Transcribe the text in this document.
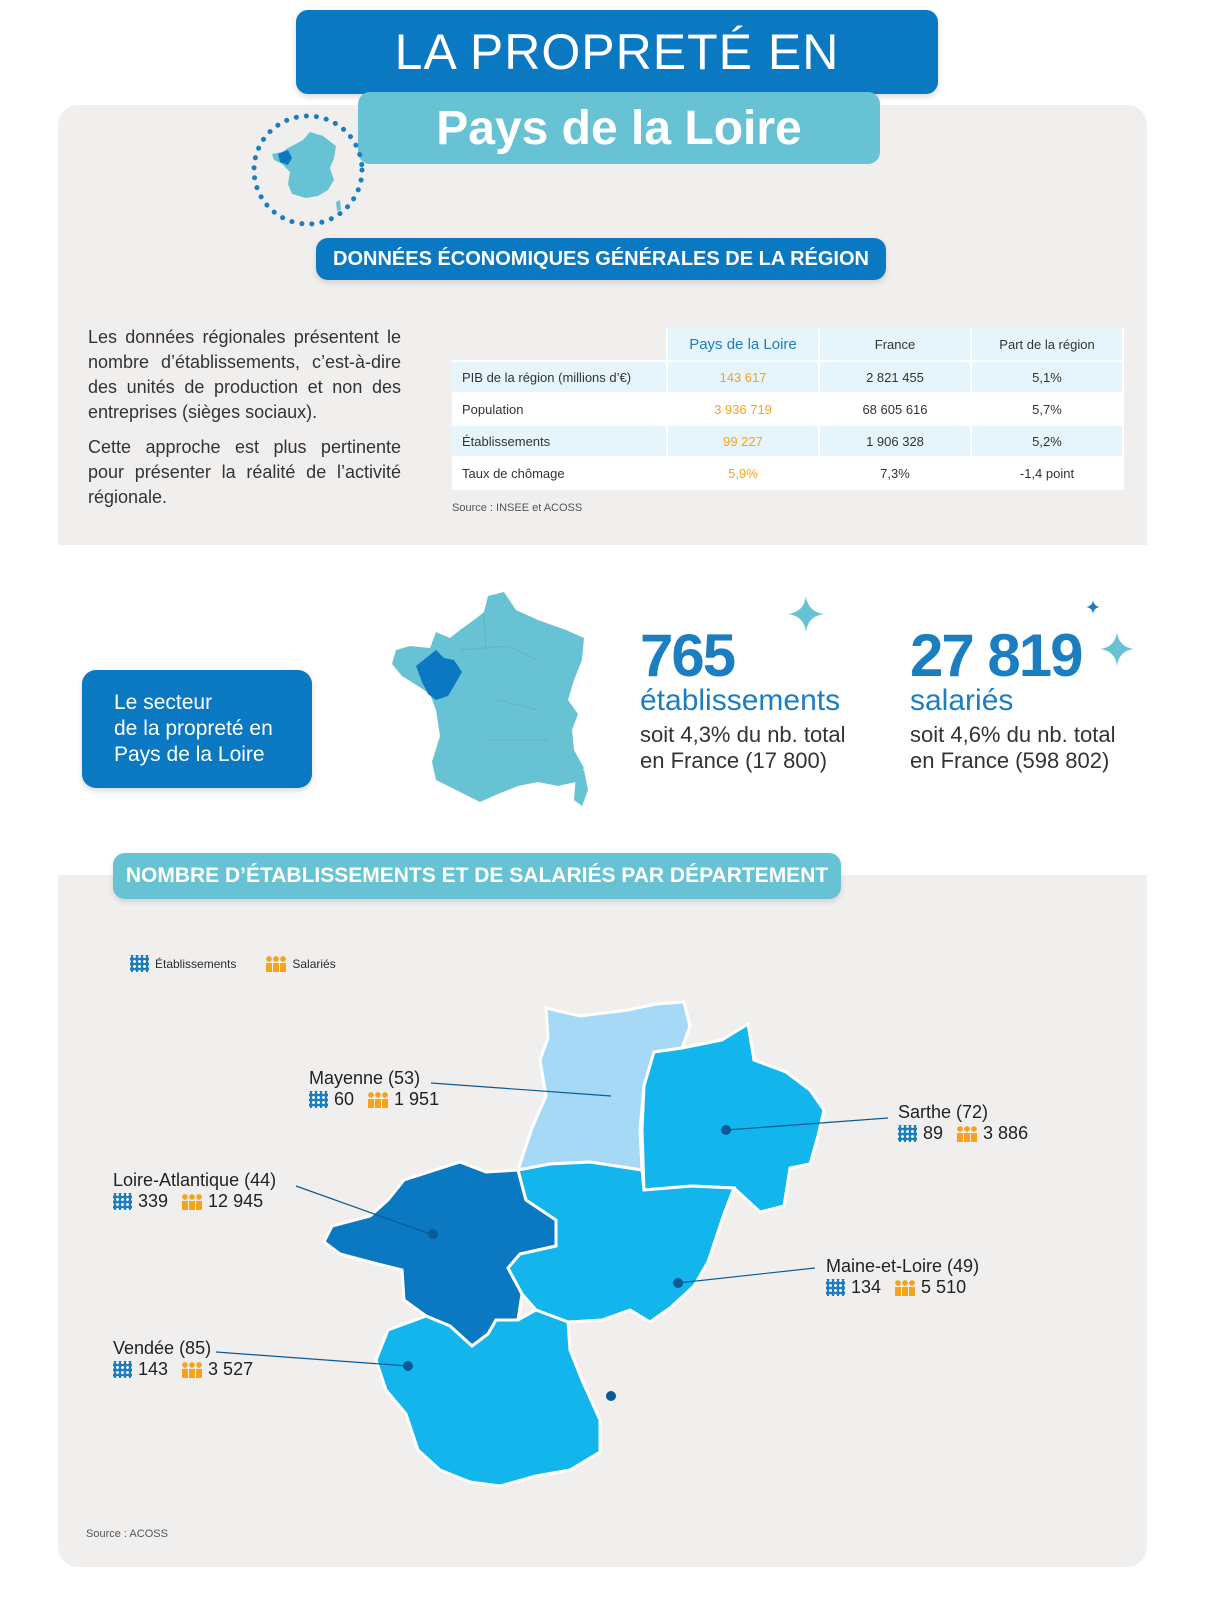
LA PROPRETÉ EN
Pays de la Loire
DONNÉES ÉCONOMIQUES GÉNÉRALES DE LA RÉGION

Les données régionales présentent le nombre d’établissements, c’est-à-dire des unités de production et non des entreprises (sièges sociaux).

Cette approche est plus pertinente pour présenter la réalité de l’activité régionale.

	Pays de la Loire	France	Part de la région
PIB de la région (millions d’€)	143 617	2 821 455	5,1%
Population	3 936 719	68 605 616	5,7%
Établissements	99 227	1 906 328	5,2%
Taux de chômage	5,9%	7,3%	-1,4 point
Source : INSEE et ACOSS
Le secteur
de la propreté en
Pays de la Loire
765
établissements
soit 4,3% du nb. total
en France (17 800)
27 819
salariés
soit 4,6% du nb. total
en France (598 802)
NOMBRE D’ÉTABLISSEMENTS ET DE SALARIÉS PAR DÉPARTEMENT
Établissements	Salariés
Mayenne (53)
60 1 951
Sarthe (72)
89 3 886
Loire-Atlantique (44)
339 12 945
Maine-et-Loire (49)
134 5 510
Vendée (85)
143 3 527
Source : ACOSS
